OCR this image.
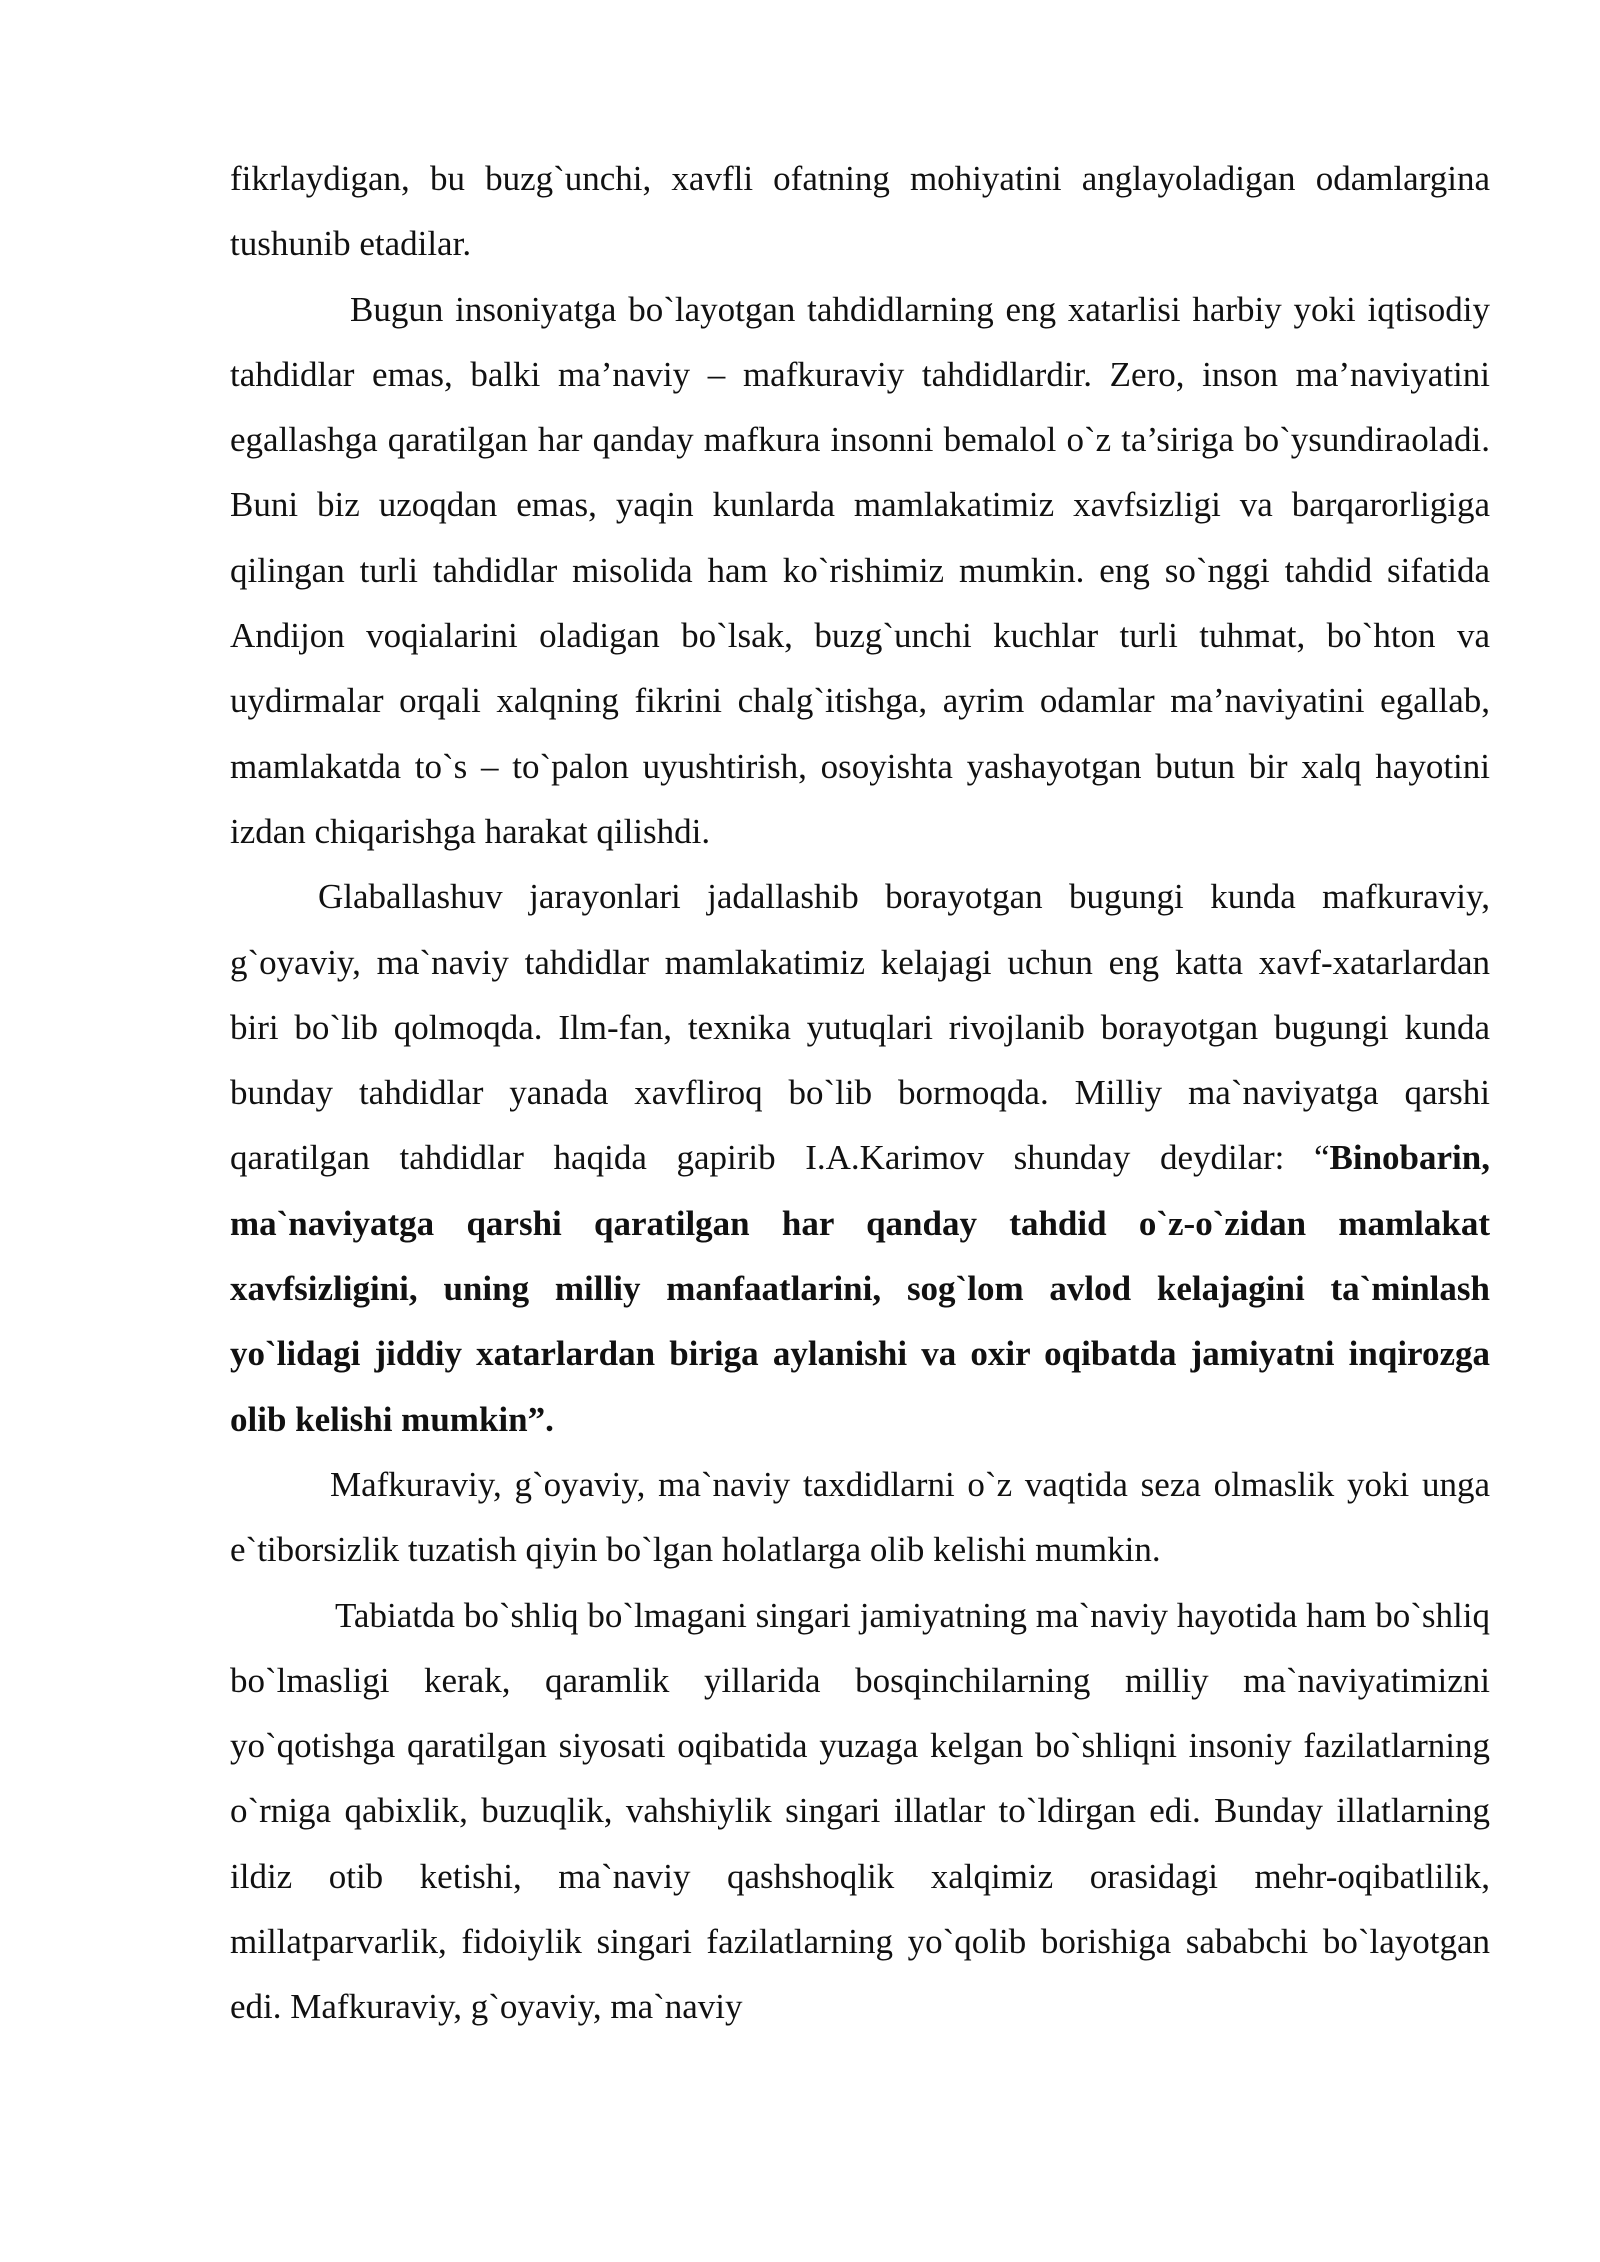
fikrlaydigan, bu buzg`unchi, xavfli ofatning mohiyatini anglayoladigan odamlargina tushunib etadilar.

Bugun insoniyatga bo`layotgan tahdidlarning eng xatarlisi harbiy yoki iqtisodiy tahdidlar emas, balki ma’naviy – mafkuraviy tahdidlardir. Zero, inson ma’naviyatini egallashga qaratilgan har qanday mafkura insonni bemalol o`z ta’siriga bo`ysundiraoladi. Buni biz uzoqdan emas, yaqin kunlarda mamlakatimiz xavfsizligi va barqarorligiga qilingan turli tahdidlar misolida ham ko`rishimiz mumkin. eng so`nggi tahdid sifatida Andijon voqialarini oladigan bo`lsak, buzg`unchi kuchlar turli tuhmat, bo`hton va uydirmalar orqali xalqning fikrini chalg`itishga, ayrim odamlar ma’naviyatini egallab, mamlakatda to`s – to`palon uyushtirish, osoyishta yashayotgan butun bir xalq hayotini izdan chiqarishga harakat qilishdi.

Glaballashuv jarayonlari jadallashib borayotgan bugungi kunda mafkuraviy, g`oyaviy, ma`naviy tahdidlar mamlakatimiz kelajagi uchun eng katta xavf-xatarlardan biri bo`lib qolmoqda. Ilm-fan, texnika yutuqlari rivojlanib borayotgan bugungi kunda bunday tahdidlar yanada xavfliroq bo`lib bormoqda. Milliy ma`naviyatga qarshi qaratilgan tahdidlar haqida gapirib I.A.Karimov shunday deydilar: “Binobarin, ma`naviyatga qarshi qaratilgan har qanday tahdid o`z-o`zidan mamlakat xavfsizligini, uning milliy manfaatlarini, sog`lom avlod kelajagini ta`minlash yo`lidagi jiddiy xatarlardan biriga aylanishi va oxir oqibatda jamiyatni inqirozga olib kelishi mumkin”.

Mafkuraviy, g`oyaviy, ma`naviy taxdidlarni o`z vaqtida seza olmaslik yoki unga e`tiborsizlik tuzatish qiyin bo`lgan holatlarga olib kelishi mumkin.

Tabiatda bo`shliq bo`lmagani singari jamiyatning ma`naviy hayotida ham bo`shliq bo`lmasligi kerak, qaramlik yillarida bosqinchilarning milliy ma`naviyatimizni yo`qotishga qaratilgan siyosati oqibatida yuzaga kelgan bo`shliqni insoniy fazilatlarning o`rniga qabixlik, buzuqlik, vahshiylik singari illatlar to`ldirgan edi. Bunday illatlarning ildiz otib ketishi, ma`naviy qashshoqlik xalqimiz orasidagi mehr-oqibatlilik, millatparvarlik, fidoiylik singari fazilatlarning yo`qolib borishiga sababchi bo`layotgan edi. Mafkuraviy, g`oyaviy, ma`naviy
